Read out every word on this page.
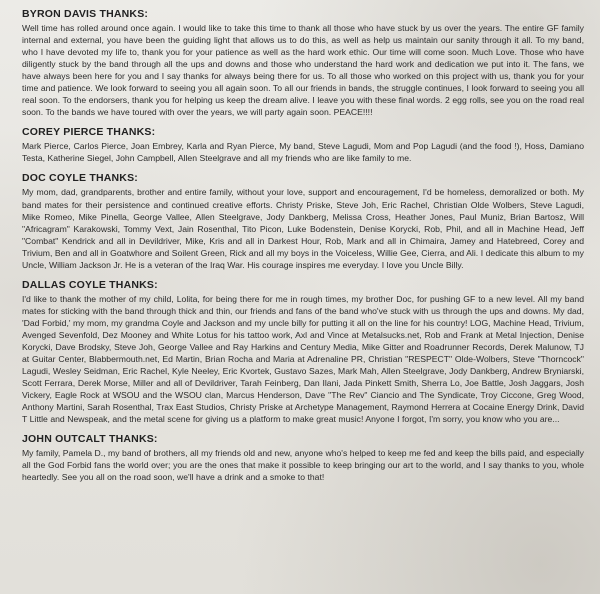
BYRON DAVIS THANKS:

Well time has rolled around once again. I would like to take this time to thank all those who have stuck by us over the years. The entire GF family internal and external, you have been the guiding light that allows us to do this, as well as help us maintain our sanity through it all. To my band, who I have devoted my life to, thank you for your patience as well as the hard work ethic. Our time will come soon. Much Love. Those who have diligently stuck by the band through all the ups and downs and those who understand the hard work and dedication we put into it. The fans, we have always been here for you and I say thanks for always being there for us. To all those who worked on this project with us, thank you for your time and patience. We look forward to seeing you all again soon. To all our friends in bands, the struggle continues, I look forward to seeing you all real soon. To the endorsers, thank you for helping us keep the dream alive. I leave you with these final words. 2 egg rolls, see you on the road real soon. To the bands we have toured with over the years, we will party again soon. PEACE!!!!

COREY PIERCE THANKS:

Mark Pierce, Carlos Pierce, Joan Embrey, Karla and Ryan Pierce, My band, Steve Lagudi, Mom and Pop Lagudi (and the food !), Hoss, Damiano Testa, Katherine Siegel, John Campbell, Allen Steelgrave and all my friends who are like family to me.

DOC COYLE THANKS:

My mom, dad, grandparents, brother and entire family, without your love, support and encouragement, I'd be homeless, demoralized or both. My band mates for their persistence and continued creative efforts. Christy Priske, Steve Joh, Eric Rachel, Christian Olde Wolbers, Steve Lagudi, Mike Romeo, Mike Pinella, George Vallee, Allen Steelgrave, Jody Dankberg, Melissa Cross, Heather Jones, Paul Muniz, Brian Bartosz, Will "Africagram" Karakowski, Tommy Vext, Jain Rosenthal, Tito Picon, Luke Bodenstein, Denise Korycki, Rob, Phil, and all in Machine Head, Jeff "Combat" Kendrick and all in Devildriver, Mike, Kris and all in Darkest Hour, Rob, Mark and all in Chimaira, Jamey and Hatebreed, Corey and Trivium, Ben and all in Goatwhore and Soilent Green, Rick and all my boys in the Voiceless, Willie Gee, Cierra, and Ali. I dedicate this album to my Uncle, William Jackson Jr. He is a veteran of the Iraq War. His courage inspires me everyday. I love you Uncle Billy.

DALLAS COYLE THANKS:

I'd like to thank the mother of my child, Lolita, for being there for me in rough times, my brother Doc, for pushing GF to a new level. All my band mates for sticking with the band through thick and thin, our friends and fans of the band who've stuck with us through the ups and downs. My dad, 'Dad Forbid,' my mom, my grandma Coyle and Jackson and my uncle billy for putting it all on the line for his country! LOG, Machine Head, Trivium, Avenged Sevenfold, Dez Mooney and White Lotus for his tattoo work, Axl and Vince at Metalsucks.net, Rob and Frank at Metal Injection, Denise Korycki, Dave Brodsky, Steve Joh, George Vallee and Ray Harkins and Century Media, Mike Gitter and Roadrunner Records, Derek Malunow, TJ at Guitar Center, Blabbermouth.net, Ed Martin, Brian Rocha and Maria at Adrenaline PR, Christian "RESPECT" Olde-Wolbers, Steve "Thorncock" Lagudi, Wesley Seidman, Eric Rachel, Kyle Neeley, Eric Kvortek, Gustavo Sazes, Mark Mah, Allen Steelgrave, Jody Dankberg, Andrew Bryniarski, Scott Ferrara, Derek Morse, Miller and all of Devildriver, Tarah Feinberg, Dan Ilani, Jada Pinkett Smith, Sherra Lo, Joe Battle, Josh Jaggars, Josh Vickery, Eagle Rock at WSOU and the WSOU clan, Marcus Henderson, Dave "The Rev" Ciancio and The Syndicate, Troy Ciccone, Greg Wood, Anthony Martini, Sarah Rosenthal, Trax East Studios, Christy Priske at Archetype Management, Raymond Herrera at Cocaine Energy Drink, David T Little and Newspeak, and the metal scene for giving us a platform to make great music! Anyone I forgot, I'm sorry, you know who you are...

JOHN OUTCALT THANKS:

My family, Pamela D., my band of brothers, all my friends old and new, anyone who's helped to keep me fed and keep the bills paid, and especially all the God Forbid fans the world over; you are the ones that make it possible to keep bringing our art to the world, and I say thanks to you, whole heartedly. See you all on the road soon, we'll have a drink and a smoke to that!
